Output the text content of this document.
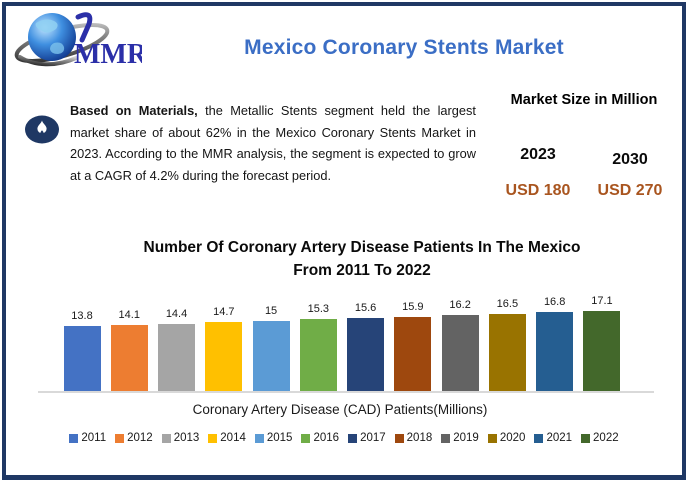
MMR	Mexico Coronary Stents Market
Based on Materials, the Metallic Stents segment held the largest market share of about 62% in the Mexico Coronary Stents Market in 2023. According to the MMR analysis, the segment is expected to grow at a CAGR of 4.2% during the forecast period.
Market Size in Million
2023	2030
USD 180	USD 270
Number Of Coronary Artery Disease Patients In The Mexico
From 2011 To 2022
13.8 14.1 14.4 14.7	15	15.3 15.6 15.9 16.2 16.5 16.8 17.1
Coronary Artery Disease (CAD) Patients(Millions)
2011 2012 2013 2014 2015 2016 2017 2018 2019 2020 2021 2022
